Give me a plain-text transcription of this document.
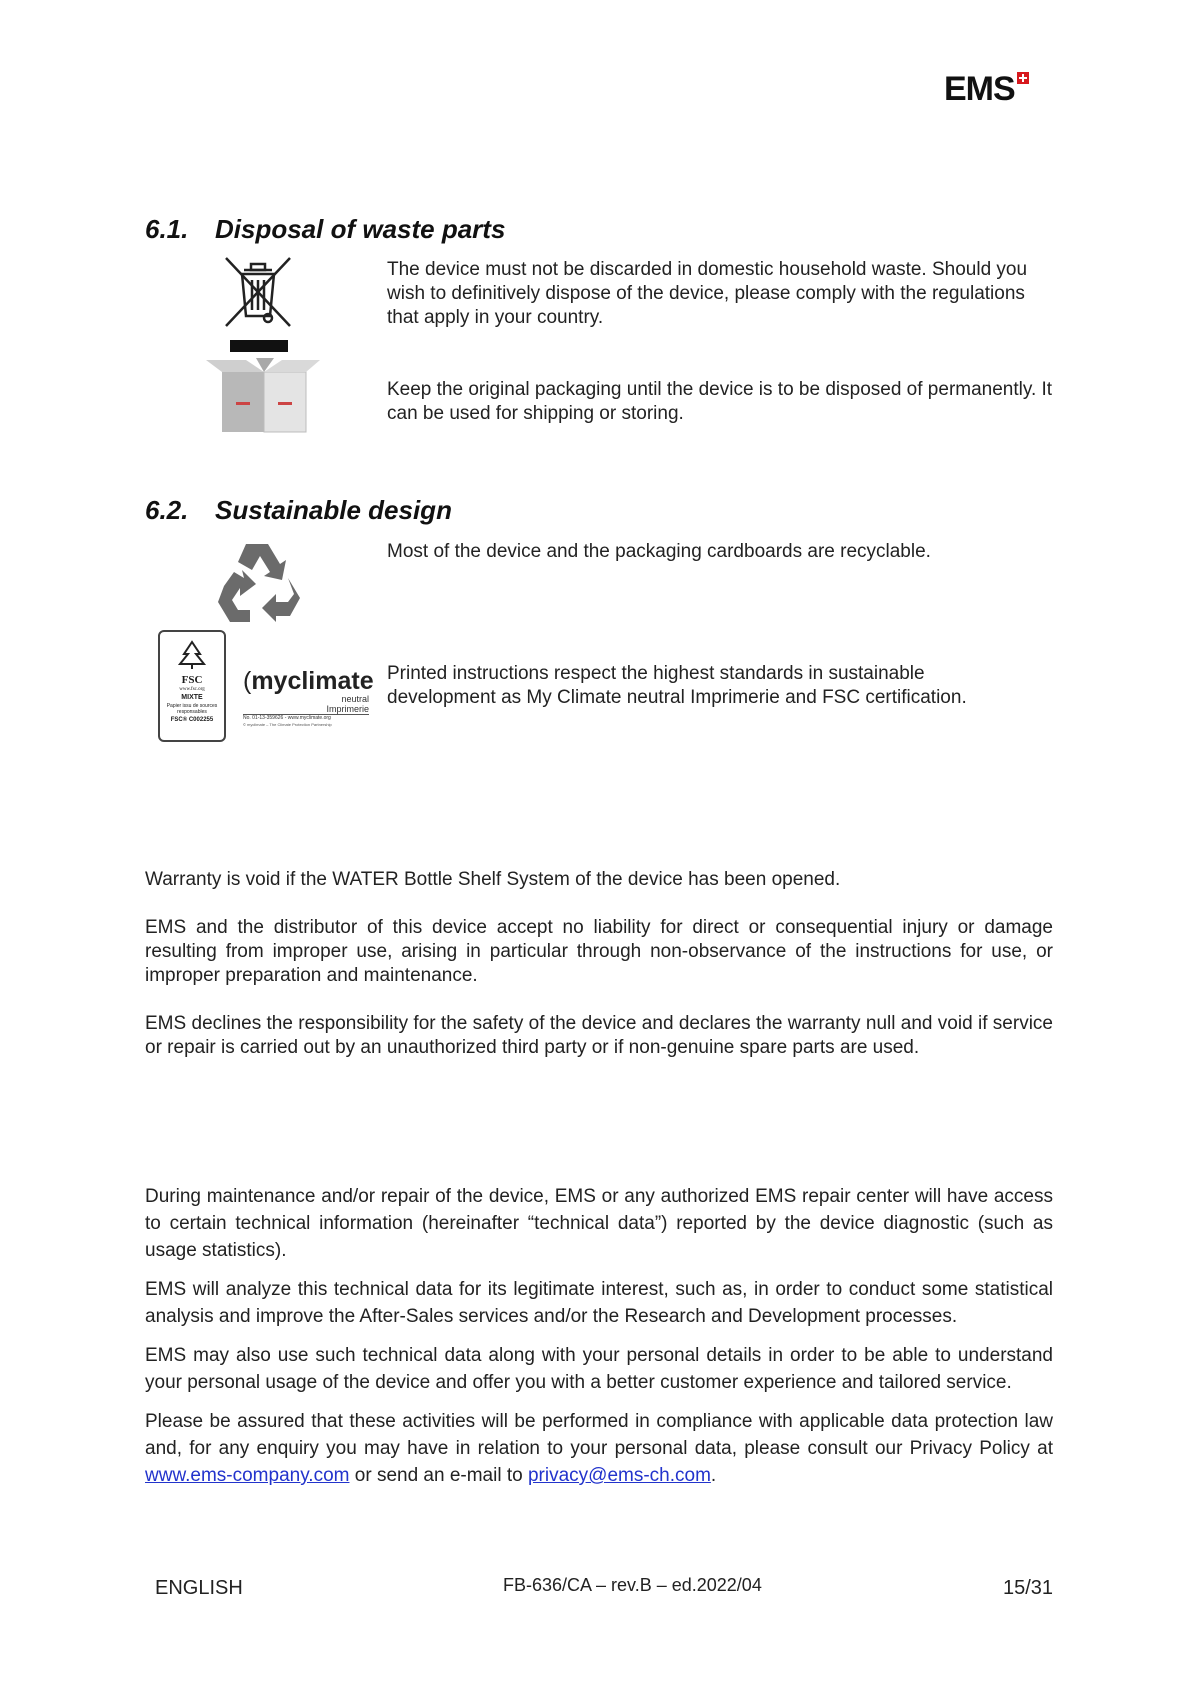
EMS
6.1. Disposal of waste parts
The device must not be discarded in domestic household waste. Should you wish to definitively dispose of the device, please comply with the regulations that apply in your country.
Keep the original packaging until the device is to be disposed of permanently. It can be used for shipping or storing.
6.2. Sustainable design
FSC
www.fsc.org
MIXTE
Papier issu de sources responsables
FSC® C002255
(myclimate
neutral
Imprimerie
No. 01-13-359626 - www.myclimate.org
© myclimate – The Climate Protection Partnership
Most of the device and the packaging cardboards are recyclable.
Printed instructions respect the highest standards in sustainable development as My Climate neutral Imprimerie and FSC certification.
Warranty is void if the WATER Bottle Shelf System of the device has been opened.
EMS and the distributor of this device accept no liability for direct or consequential injury or damage resulting from improper use, arising in particular through non-observance of the instructions for use, or improper preparation and maintenance.
EMS declines the responsibility for the safety of the device and declares the warranty null and void if service or repair is carried out by an unauthorized third party or if non-genuine spare parts are used.

During maintenance and/or repair of the device, EMS or any authorized EMS repair center will have access to certain technical information (hereinafter “technical data”) reported by the device diagnostic (such as usage statistics).

EMS will analyze this technical data for its legitimate interest, such as, in order to conduct some statistical analysis and improve the After-Sales services and/or the Research and Development processes.

EMS may also use such technical data along with your personal details in order to be able to understand your personal usage of the device and offer you with a better customer experience and tailored service.

Please be assured that these activities will be performed in compliance with applicable data protection law and, for any enquiry you may have in relation to your personal data, please consult our Privacy Policy at www.ems-company.com or send an e-mail to privacy@ems-ch.com.

ENGLISH	FB-636/CA – rev.B – ed.2022/04	15/31
